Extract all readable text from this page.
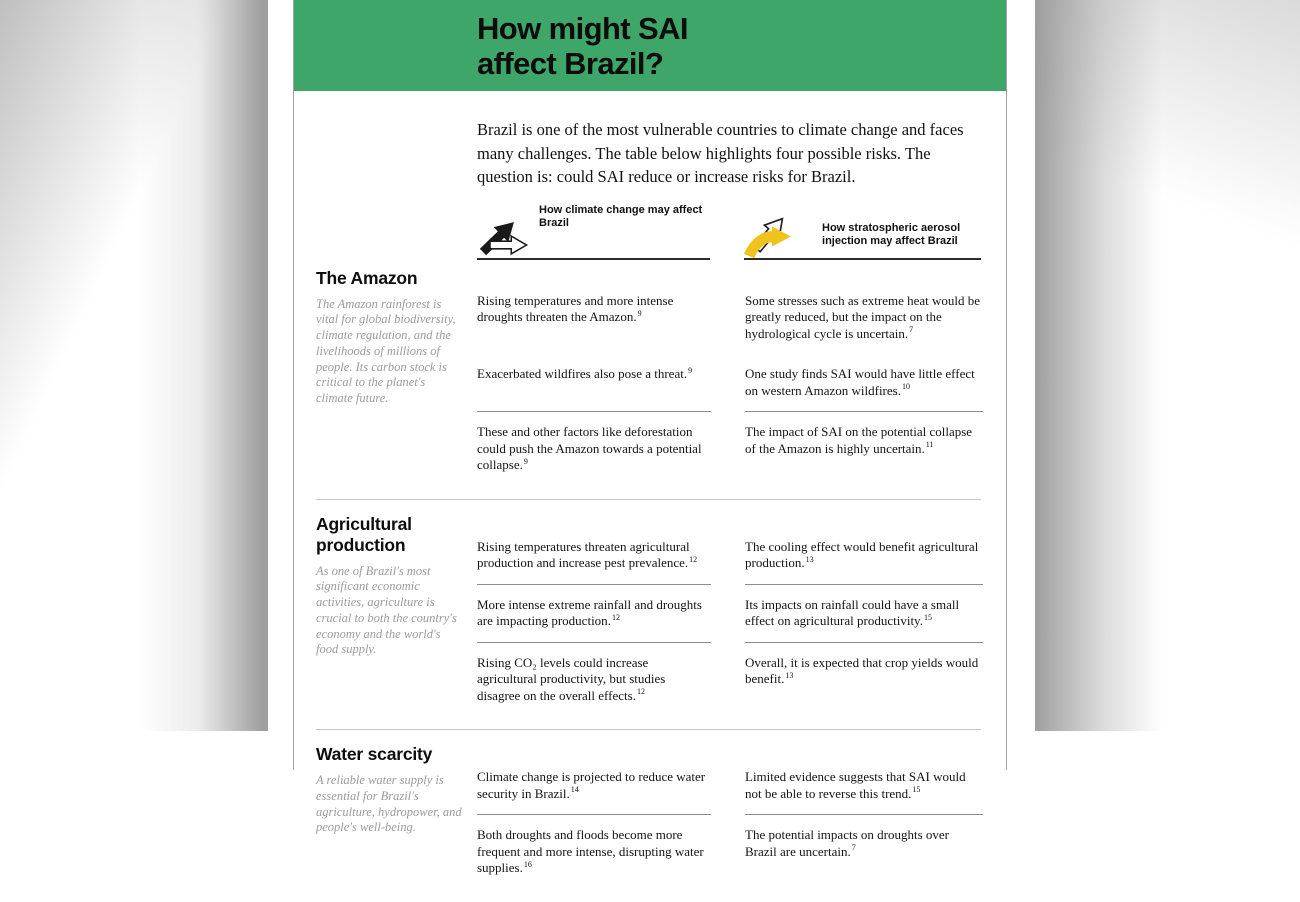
How might SAI
affect Brazil?

Brazil is one of the most vulnerable countries to climate change and faces many challenges. The table below highlights four possible risks. The question is: could SAI reduce or increase risks for Brazil.

How climate change may affect Brazil	How stratospheric aerosol injection may affect Brazil
The Amazon

The Amazon rainforest is vital for global biodiversity, climate regulation, and the livelihoods of millions of people. Its carbon stock is critical to the planet's climate future.

Rising temperatures and more intense droughts threaten the Amazon.$^9$
Some stresses such as extreme heat would be greatly reduced, but the impact on the hydrological cycle is uncertain.$^7$
Exacerbated wildfires also pose a threat.$^9$	One study finds SAI would have little effect on western Amazon wildfires.$^{10}$
These and other factors like deforestation could push the Amazon towards a potential collapse.$^9$
The impact of SAI on the potential collapse of the Amazon is highly uncertain.$^{11}$
Agricultural production

As one of Brazil's most significant economic activities, agriculture is crucial to both the country's economy and the world's food supply.

Rising temperatures threaten agricultural production and increase pest prevalence.$^{12}$
The cooling effect would benefit agricultural production.$^{13}$
More intense extreme rainfall and droughts are impacting production.$^{12}$
Its impacts on rainfall could have a small effect on agricultural productivity.$^{15}$
Rising CO₂ levels could increase agricultural productivity, but studies disagree on the overall effects.$^{12}$
Overall, it is expected that crop yields would benefit.$^{13}$
Water scarcity

A reliable water supply is essential for Brazil's agriculture, hydropower, and people's well-being.

Climate change is projected to reduce water security in Brazil.$^{14}$
Limited evidence suggests that SAI would not be able to reverse this trend.$^{15}$
Both droughts and floods become more frequent and more intense, disrupting water supplies.$^{16}$
The potential impacts on droughts over Brazil are uncertain.$^7$
